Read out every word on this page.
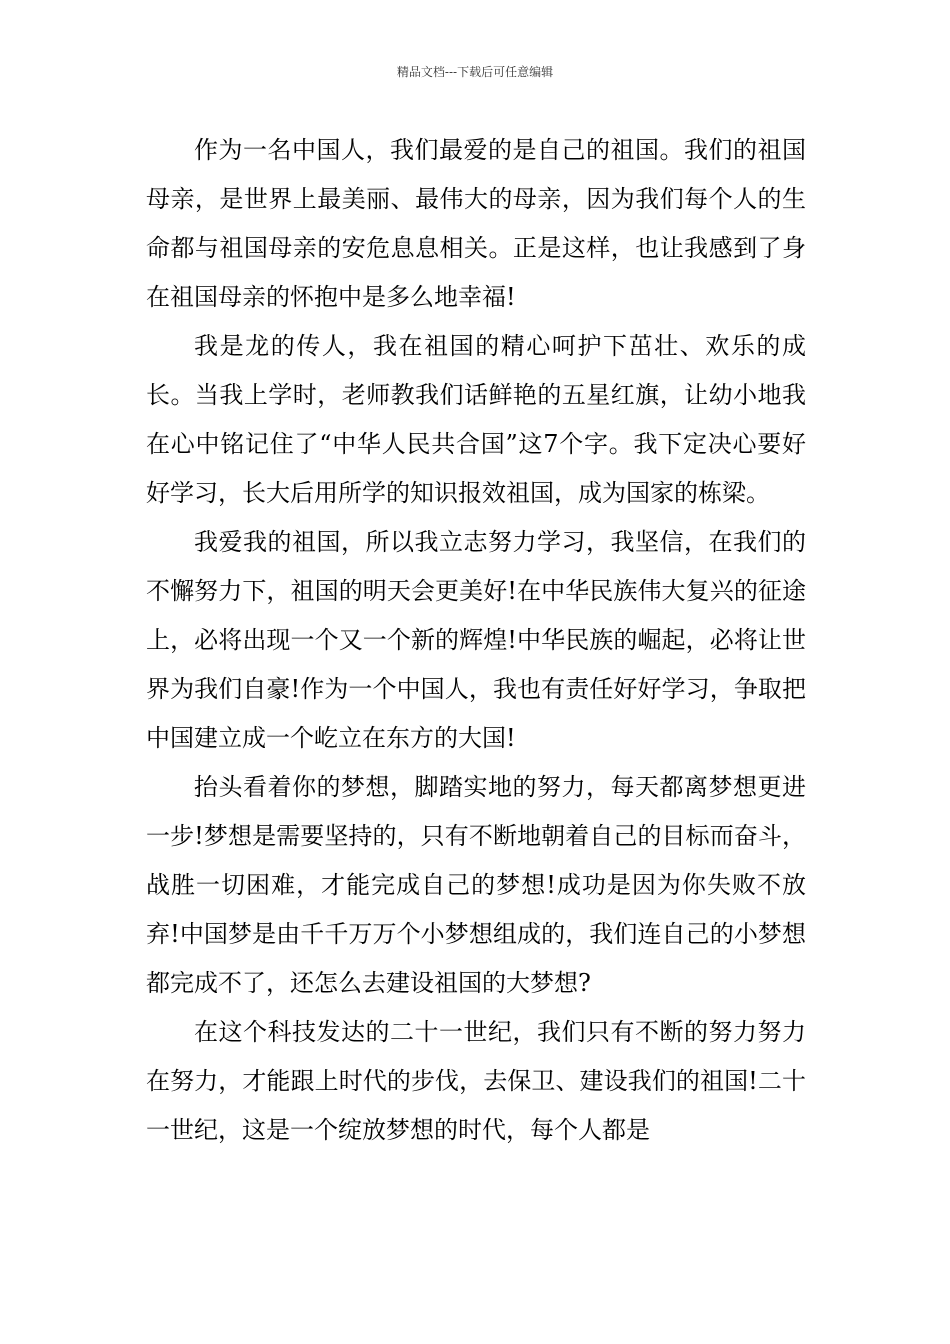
精品文档---下载后可任意编辑

作为一名中国人，我们最爱的是自己的祖国。我们的祖国母亲，是世界上最美丽、最伟大的母亲，因为我们每个人的生命都与祖国母亲的安危息息相关。正是这样，也让我感到了身在祖国母亲的怀抱中是多么地幸福!

我是龙的传人，我在祖国的精心呵护下茁壮、欢乐的成长。当我上学时，老师教我们话鲜艳的五星红旗，让幼小地我在心中铭记住了“中华人民共合国”这7个字。我下定决心要好好学习，长大后用所学的知识报效祖国，成为国家的栋梁。

我爱我的祖国，所以我立志努力学习，我坚信，在我们的不懈努力下，祖国的明天会更美好!在中华民族伟大复兴的征途上，必将出现一个又一个新的辉煌!中华民族的崛起，必将让世界为我们自豪!作为一个中国人，我也有责任好好学习，争取把中国建立成一个屹立在东方的大国!

抬头看着你的梦想，脚踏实地的努力，每天都离梦想更进一步!梦想是需要坚持的，只有不断地朝着自己的目标而奋斗，战胜一切困难，才能完成自己的梦想!成功是因为你失败不放弃!中国梦是由千千万万个小梦想组成的，我们连自己的小梦想都完成不了，还怎么去建设祖国的大梦想?

在这个科技发达的二十一世纪，我们只有不断的努力努力在努力，才能跟上时代的步伐，去保卫、建设我们的祖国!二十一世纪，这是一个绽放梦想的时代，每个人都是
